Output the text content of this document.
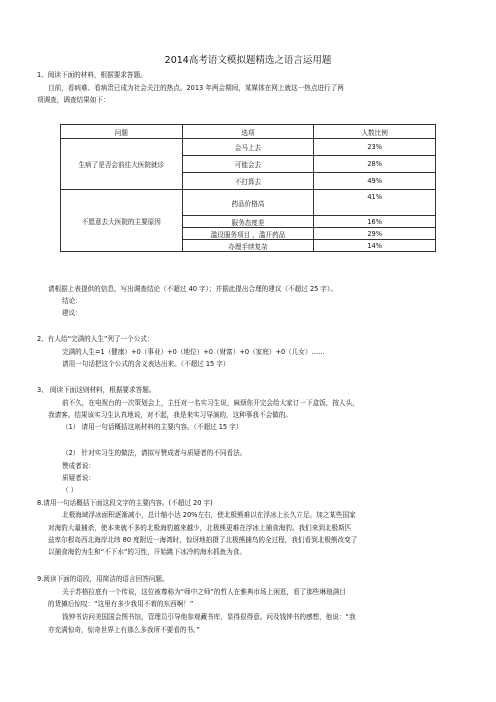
2014高考语文模拟题精选之语言运用题
1、阅读下面的材料，根据要求答题。
目前，看病难、看病贵已成为社会关注的热点。2013 年两会期间，某媒体在网上就这一热点进行了两
项调查，调查结果如下：
问题	选项	人数比例
生病了是否会前往大医院就诊	会马上去	23%
	可能会去	28%
	不打算去	49%
不愿意去大医院的主要原因	药品价格高	41%
	服务态度差	16%
	滥设服务项目 ，滥开药品	29%
	办理手续复杂	14%
请根据上表提供的信息，写出调查结论（不超过 40 字）；并据此提出合理的建议（不超过 25 字）。
结论：
建议：
2、有人给“完满的人生”列了一个公式：
完满的人生=1（健康）+0（事业）+0（地位）+0（财富）+0（家庭）+0（儿女）……
请用一句话把这个公式的含义表达出来。（不超过 15 字）
3、 阅读下面这则材料，根据要求答题。
前不久，在电视台的一次策划会上，主任对一名实习生说，麻烦你开完会给大家订一下盒饭，按人头，
我请客。结果该实习生认真地说，对不起，我是来实习导演的，这种事我不会做的。
（1） 请用一句话概括这则材料的主要内容。（不超过 15 字）
（2） 针对实习生的做法，请拟写赞成者与质疑者的不同看法。
赞成者说：
质疑者说：
（ ）
8.请用一句话概括下面这段文字的主要内容。(不超过 20 字)
北极海域浮冰面积逐渐减小，总计缩小达 20%左右，使北极熊难以在浮冰上长久立足。加之某些国家
对海豹大量捕杀，使本来就不多的北极海豹越来越少，北极熊更难在浮冰上捕食海豹。我们来到北极斯匹
兹卑尔根岛西北海岸北纬 80 度附近一海湾时，惊讶地拍摄了北极熊捕鸟的全过程，我们看到北极熊改变了
以捕食海豹为生和“不下水”的习性，开始跳下冰冷的海水抓鱼为食。
9.阅读下面的语段，用简洁的语言回答问题。
关于苏格拉底有一个传说，这位被尊称为“师中之师”的哲人在雅典市场上闲逛，看了那些琳琅满目
的货摊后惊叹：“这里有多少我用不着的东西啊！”
钱钟书访问美国国会图书馆，管理员引导他参观藏书库，显得很得意。问及钱钟书的感想，他说：“我
亦充满惊奇，惊奇世界上有那么多我所不要看的书。”
